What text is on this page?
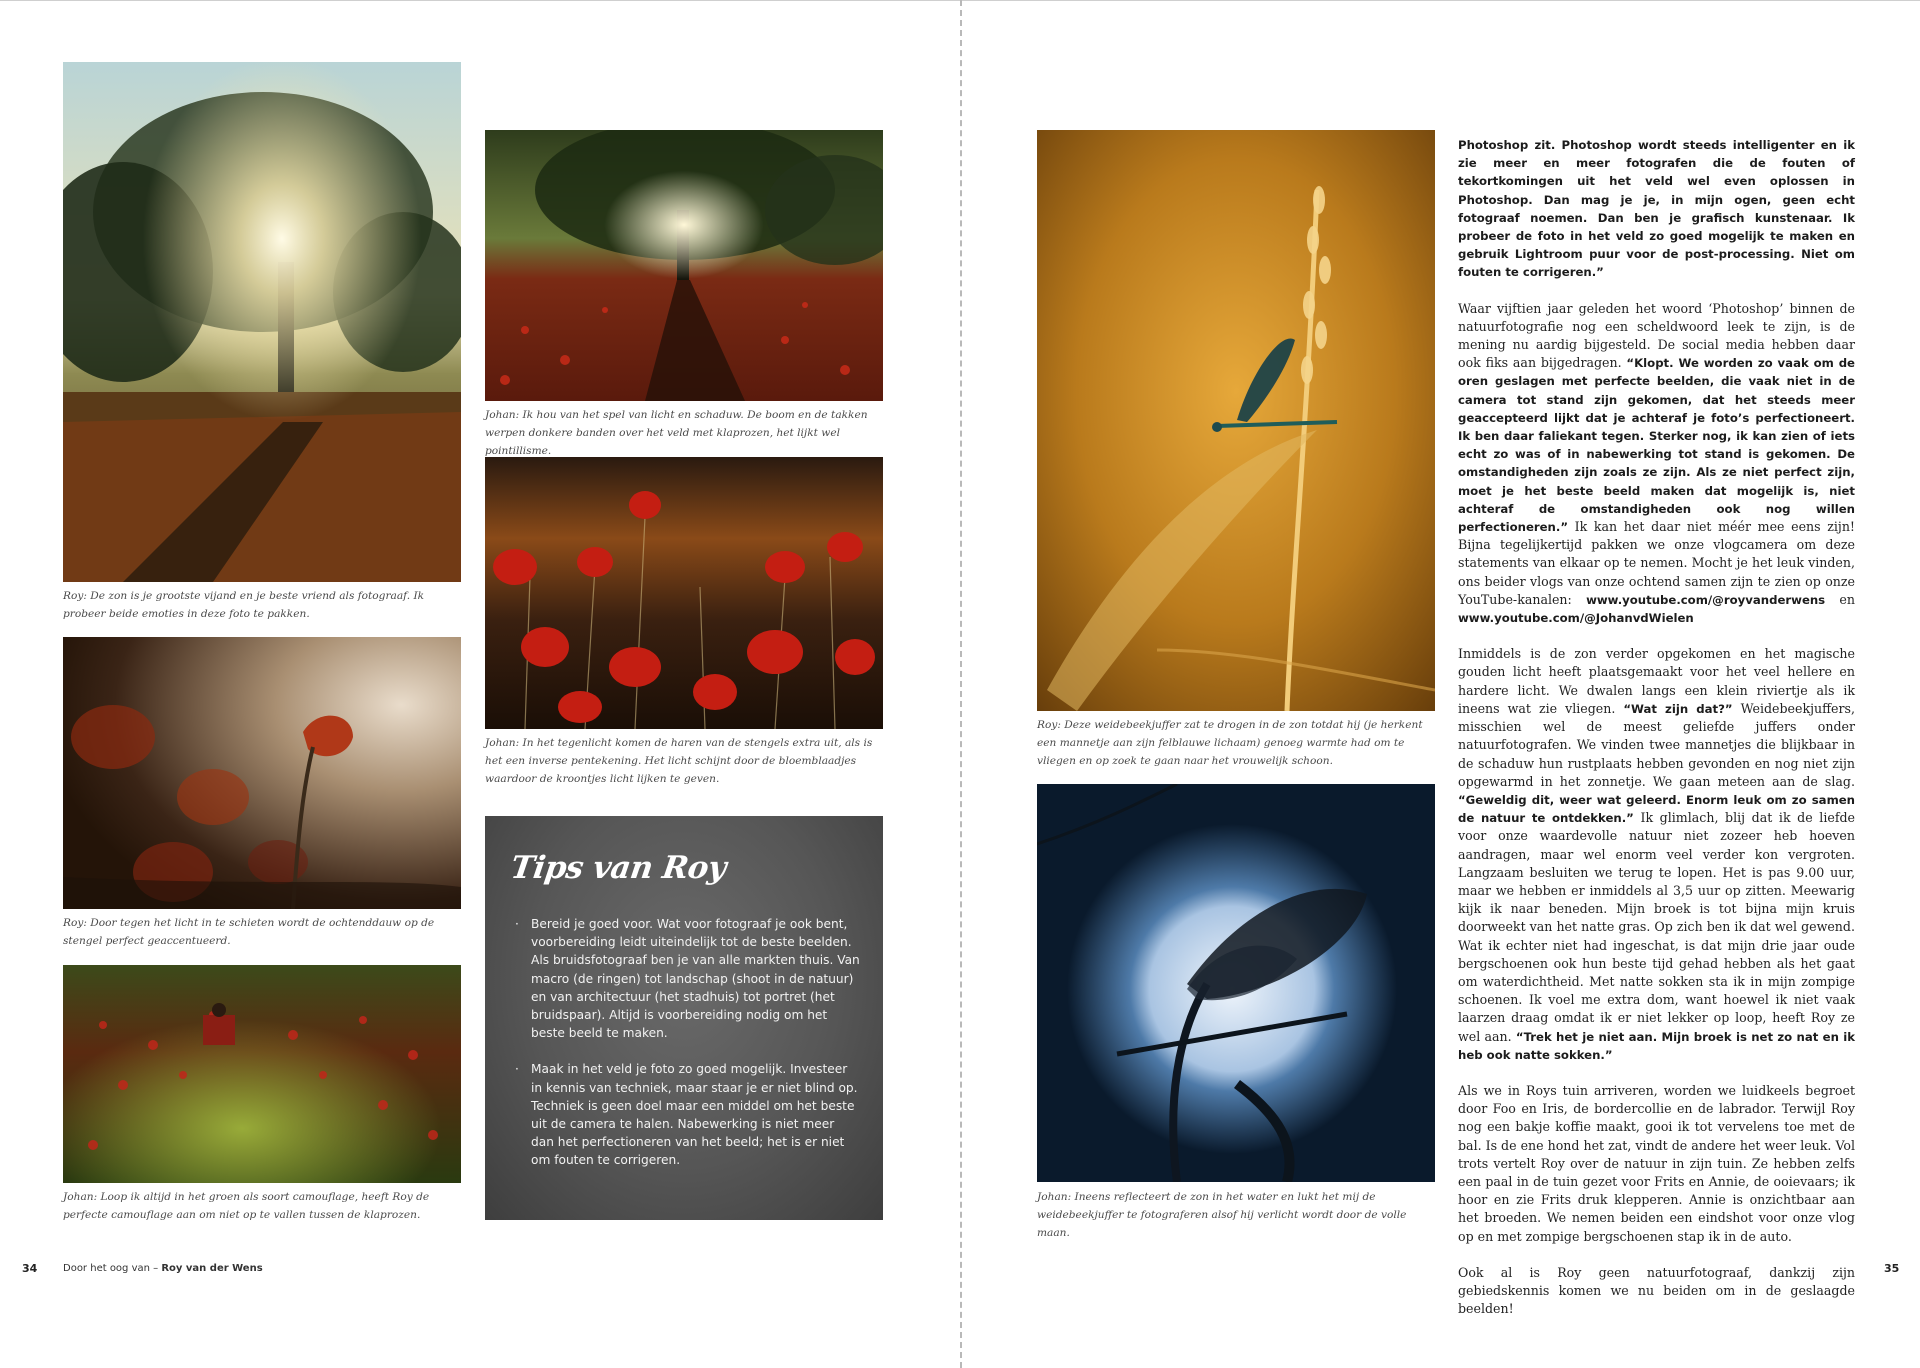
Roy: De zon is je grootste vijand en je beste vriend als fotograaf. Ik probeer beide emoties in deze foto te pakken.
Roy: Door tegen het licht in te schieten wordt de ochtenddauw op de stengel perfect geaccentueerd.
Johan: Loop ik altijd in het groen als soort camouflage, heeft Roy de perfecte camouflage aan om niet op te vallen tussen de klaprozen.
Johan: Ik hou van het spel van licht en schaduw. De boom en de takken werpen donkere banden over het veld met klaprozen, het lijkt wel pointillisme.
Johan: In het tegenlicht komen de haren van de stengels extra uit, als is het een inverse pentekening. Het licht schijnt door de bloemblaadjes waardoor de kroontjes licht lijken te geven.
Tips van Roy
· Bereid je goed voor. Wat voor fotograaf je ook bent, voorbereiding leidt uiteindelijk tot de beste beelden. Als bruidsfotograaf ben je van alle markten thuis. Van macro (de ringen) tot landschap (shoot in de natuur) en van architectuur (het stadhuis) tot portret (het bruidspaar). Altijd is voorbereiding nodig om het beste beeld te maken.
· Maak in het veld je foto zo goed mogelijk. Investeer in kennis van techniek, maar staar je er niet blind op. Techniek is geen doel maar een middel om het beste uit de camera te halen. Nabewerking is niet meer dan het perfectioneren van het beeld; het is er niet om fouten te corrigeren.
34	Door het oog van – Roy van der Wens
Roy: Deze weidebeekjuffer zat te drogen in de zon totdat hij (je herkent een mannetje aan zijn felblauwe lichaam) genoeg warmte had om te vliegen en op zoek te gaan naar het vrouwelijk schoon.
Johan: Ineens reflecteert de zon in het water en lukt het mij de weidebeekjuffer te fotograferen alsof hij verlicht wordt door de volle maan.

Photoshop zit. Photoshop wordt steeds intelligenter en ik zie meer en meer fotografen die de fouten of tekortkomingen uit het veld wel even oplossen in Photoshop. Dan mag je je, in mijn ogen, geen echt fotograaf noemen. Dan ben je grafisch kunstenaar. Ik probeer de foto in het veld zo goed mogelijk te maken en gebruik Lightroom puur voor de post-processing. Niet om fouten te corrigeren.”

Waar vijftien jaar geleden het woord ‘Photoshop’ binnen de natuurfotografie nog een scheldwoord leek te zijn, is de mening nu aardig bijgesteld. De social media hebben daar ook fiks aan bijgedragen. “Klopt. We worden zo vaak om de oren geslagen met perfecte beelden, die vaak niet in de camera tot stand zijn gekomen, dat het steeds meer geaccepteerd lijkt dat je achteraf je foto’s perfectioneert. Ik ben daar faliekant tegen. Sterker nog, ik kan zien of iets echt zo was of in nabewerking tot stand is gekomen. De omstandigheden zijn zoals ze zijn. Als ze niet perfect zijn, moet je het beste beeld maken dat mogelijk is, niet achteraf de omstandigheden ook nog willen perfectioneren.” Ik kan het daar niet méér mee eens zijn! Bijna tegelijkertijd pakken we onze vlogcamera om deze statements van elkaar op te nemen. Mocht je het leuk vinden, ons beider vlogs van onze ochtend samen zijn te zien op onze YouTube-kanalen: www.youtube.com/@royvanderwens en www.youtube.com/@JohanvdWielen

Inmiddels is de zon verder opgekomen en het magische gouden licht heeft plaatsgemaakt voor het veel hellere en hardere licht. We dwalen langs een klein riviertje als ik ineens wat zie vliegen. “Wat zijn dat?” Weidebeekjuffers, misschien wel de meest geliefde juffers onder natuurfotografen. We vinden twee mannetjes die blijkbaar in de schaduw hun rustplaats hebben gevonden en nog niet zijn opgewarmd in het zonnetje. We gaan meteen aan de slag. “Geweldig dit, weer wat geleerd. Enorm leuk om zo samen de natuur te ontdekken.” Ik glimlach, blij dat ik de liefde voor onze waardevolle natuur niet zozeer heb hoeven aandragen, maar wel enorm veel verder kon vergroten. Langzaam besluiten we terug te lopen. Het is pas 9.00 uur, maar we hebben er inmiddels al 3,5 uur op zitten. Meewarig kijk ik naar beneden. Mijn broek is tot bijna mijn kruis doorweekt van het natte gras. Op zich ben ik dat wel gewend. Wat ik echter niet had ingeschat, is dat mijn drie jaar oude bergschoenen ook hun beste tijd gehad hebben als het gaat om waterdichtheid. Met natte sokken sta ik in mijn zompige schoenen. Ik voel me extra dom, want hoewel ik niet vaak laarzen draag omdat ik er niet lekker op loop, heeft Roy ze wel aan. “Trek het je niet aan. Mijn broek is net zo nat en ik heb ook natte sokken.”

Als we in Roys tuin arriveren, worden we luidkeels begroet door Foo en Iris, de bordercollie en de labrador. Terwijl Roy nog een bakje koffie maakt, gooi ik tot vervelens toe met de bal. Is de ene hond het zat, vindt de andere het weer leuk. Vol trots vertelt Roy over de natuur in zijn tuin. Ze hebben zelfs een paal in de tuin gezet voor Frits en Annie, de ooievaars; ik hoor en zie Frits druk klepperen. Annie is onzichtbaar aan het broeden. We nemen beiden een eindshot voor onze vlog op en met zompige bergschoenen stap ik in de auto.

Ook al is Roy geen natuurfotograaf, dankzij zijn gebiedskennis komen we nu beiden om in de geslaagde beelden!

35
